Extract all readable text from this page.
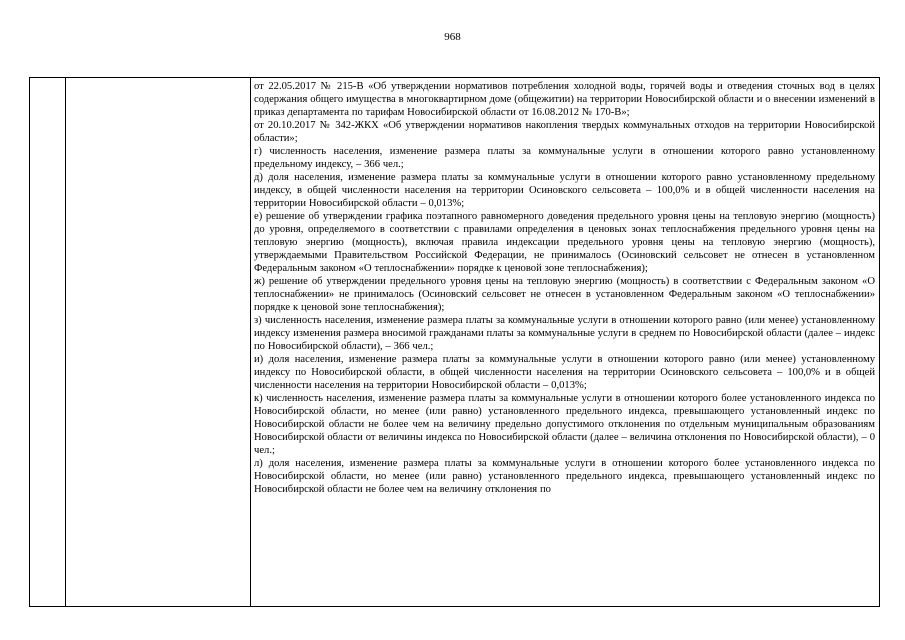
968

от 22.05.2017 № 215-В «Об утверждении нормативов потребления холодной воды, горячей воды и отведения сточных вод в целях содержания общего имущества в многоквартирном доме (общежитии) на территории Новосибирской области и о внесении изменений в приказ департамента по тарифам Новосибирской области от 16.08.2012 № 170-В»;

от 20.10.2017 № 342-ЖКХ «Об утверждении нормативов накопления твердых коммунальных отходов на территории Новосибирской области»;

г) численность населения, изменение размера платы за коммунальные услуги в отношении которого равно установленному предельному индексу, – 366 чел.;

д) доля населения, изменение размера платы за коммунальные услуги в отношении которого равно установленному предельному индексу, в общей численности населения на территории Осиновского сельсовета – 100,0% и в общей численности населения на территории Новосибирской области – 0,013%;

е) решение об утверждении графика поэтапного равномерного доведения предельного уровня цены на тепловую энергию (мощность) до уровня, определяемого в соответствии с правилами определения в ценовых зонах теплоснабжения предельного уровня цены на тепловую энергию (мощность), включая правила индексации предельного уровня цены на тепловую энергию (мощность), утверждаемыми Правительством Российской Федерации, не принималось (Осиновский сельсовет не отнесен в установленном Федеральным законом «О теплоснабжении» порядке к ценовой зоне теплоснабжения);

ж) решение об утверждении предельного уровня цены на тепловую энергию (мощность) в соответствии с Федеральным законом «О теплоснабжении» не принималось (Осиновский сельсовет не отнесен в установленном Федеральным законом «О теплоснабжении» порядке к ценовой зоне теплоснабжения);

з) численность населения, изменение размера платы за коммунальные услуги в отношении которого равно (или менее) установленному индексу изменения размера вносимой гражданами платы за коммунальные услуги в среднем по Новосибирской области (далее – индекс по Новосибирской области), – 366 чел.;

и) доля населения, изменение размера платы за коммунальные услуги в отношении которого равно (или менее) установленному индексу по Новосибирской области, в общей численности населения на территории Осиновского сельсовета – 100,0% и в общей численности населения на территории Новосибирской области – 0,013%;

к) численность населения, изменение размера платы за коммунальные услуги в отношении которого более установленного индекса по Новосибирской области, но менее (или равно) установленного предельного индекса, превышающего установленный индекс по Новосибирской области не более чем на величину предельно допустимого отклонения по отдельным муниципальным образованиям Новосибирской области от величины индекса по Новосибирской области (далее – величина отклонения по Новосибирской области), – 0 чел.;

л) доля населения, изменение размера платы за коммунальные услуги в отношении которого более установленного индекса по Новосибирской области, но менее (или равно) установленного предельного индекса, превышающего установленный индекс по Новосибирской области не более чем на величину отклонения по
